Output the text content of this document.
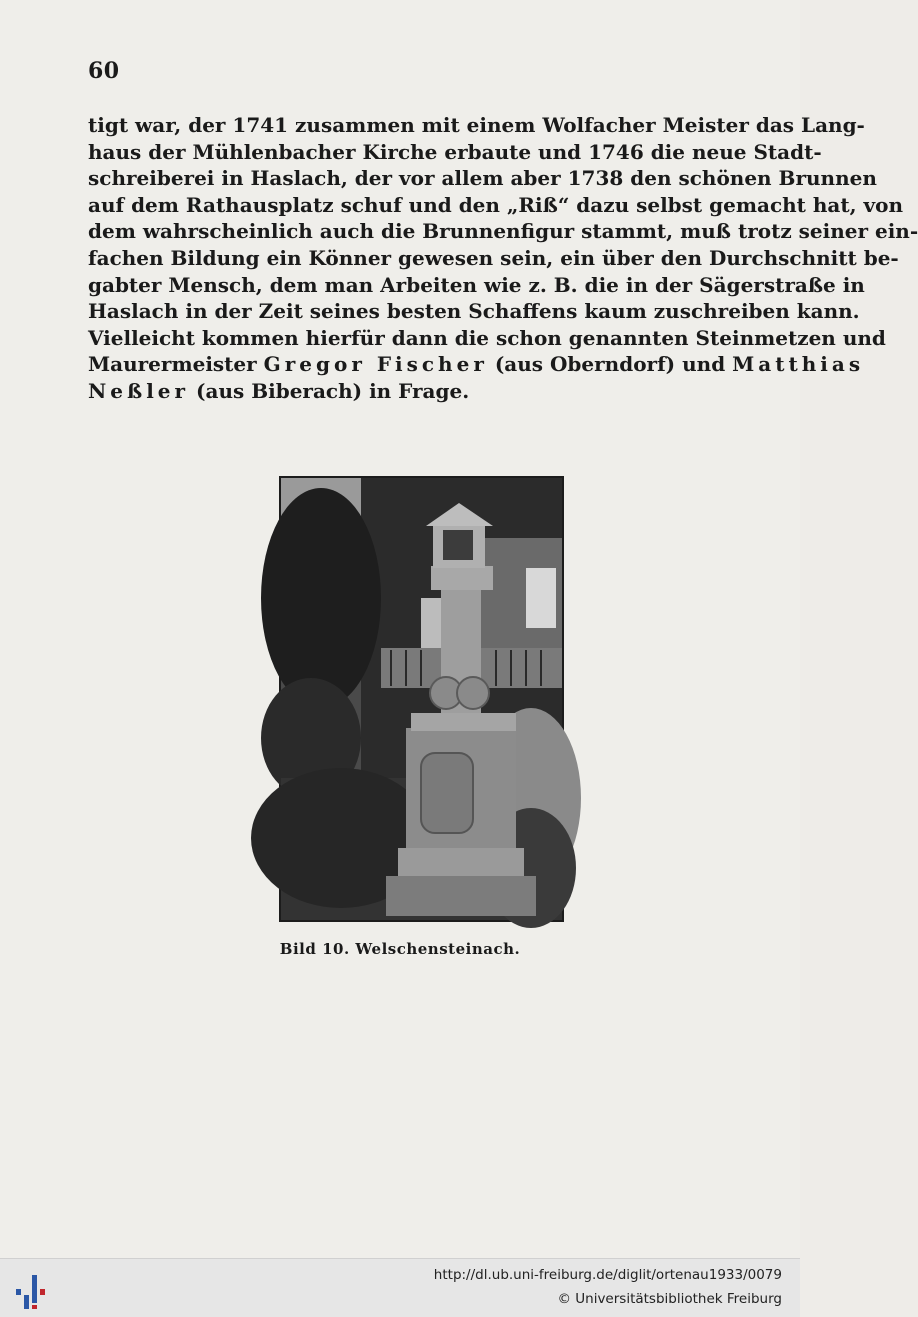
60
tigt war, der 1741 zusammen mit einem Wolfacher Meister das Lang-
haus der Mühlenbacher Kirche erbaute und 1746 die neue Stadt-
schreiberei in Haslach, der vor allem aber 1738 den schönen Brunnen
auf dem Rathausplatz schuf und den „Riß“ dazu selbst gemacht hat, von
dem wahrscheinlich auch die Brunnenfigur stammt, muß trotz seiner ein-
fachen Bildung ein Könner gewesen sein, ein über den Durchschnitt be-
gabter Mensch, dem man Arbeiten wie z. B. die in der Sägerstraße in
Haslach in der Zeit seines besten Schaffens kaum zuschreiben kann.
Vielleicht kommen hierfür dann die schon genannten Steinmetzen und
Maurermeister Gregor Fischer (aus Oberndorf) und Matthias
Neßler (aus Biberach) in Frage.
Bild 10. Welschensteinach.
http://dl.ub.uni-freiburg.de/diglit/ortenau1933/0079
© Universitätsbibliothek Freiburg
